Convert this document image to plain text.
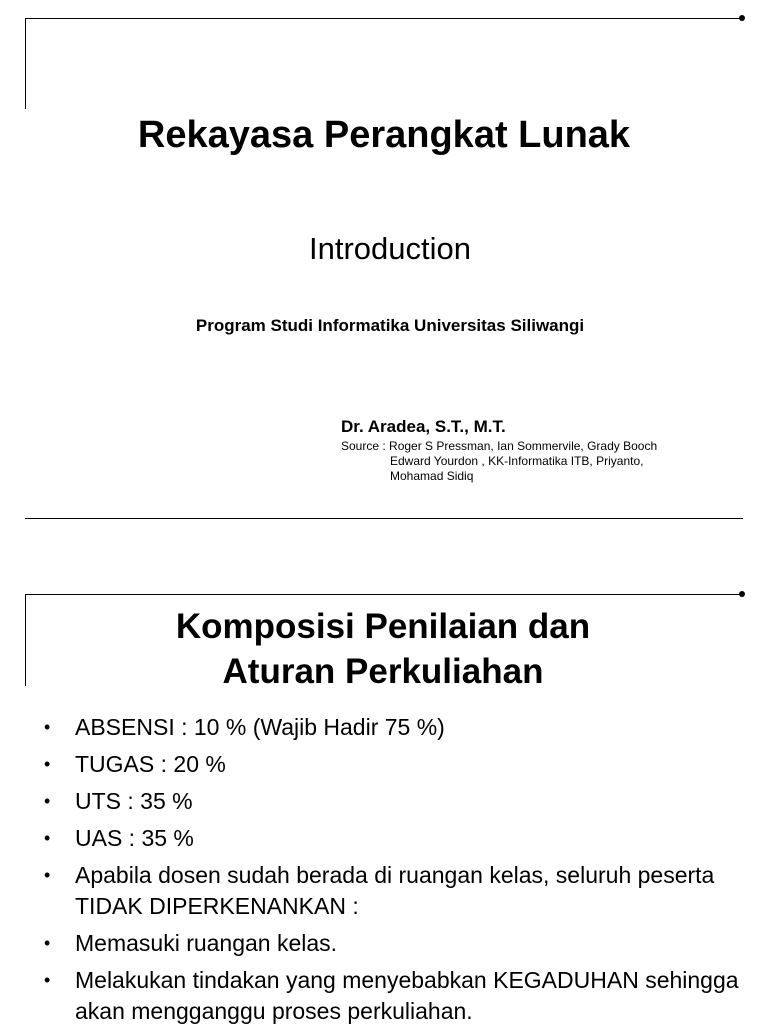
Rekayasa Perangkat Lunak
Introduction
Program Studi Informatika Universitas Siliwangi
Dr. Aradea, S.T., M.T.
Source : Roger S Pressman, Ian Sommervile, Grady Booch
Edward Yourdon , KK-Informatika ITB, Priyanto,
Mohamad Sidiq
Komposisi Penilaian dan
Aturan Perkuliahan
• ABSENSI : 10 % (Wajib Hadir 75 %)
• TUGAS : 20 %
• UTS : 35 %
• UAS : 35 %
• Apabila dosen sudah berada di ruangan kelas, seluruh peserta TIDAK DIPERKENANKAN :
• Memasuki ruangan kelas.
• Melakukan tindakan yang menyebabkan KEGADUHAN sehingga akan mengganggu proses perkuliahan.
